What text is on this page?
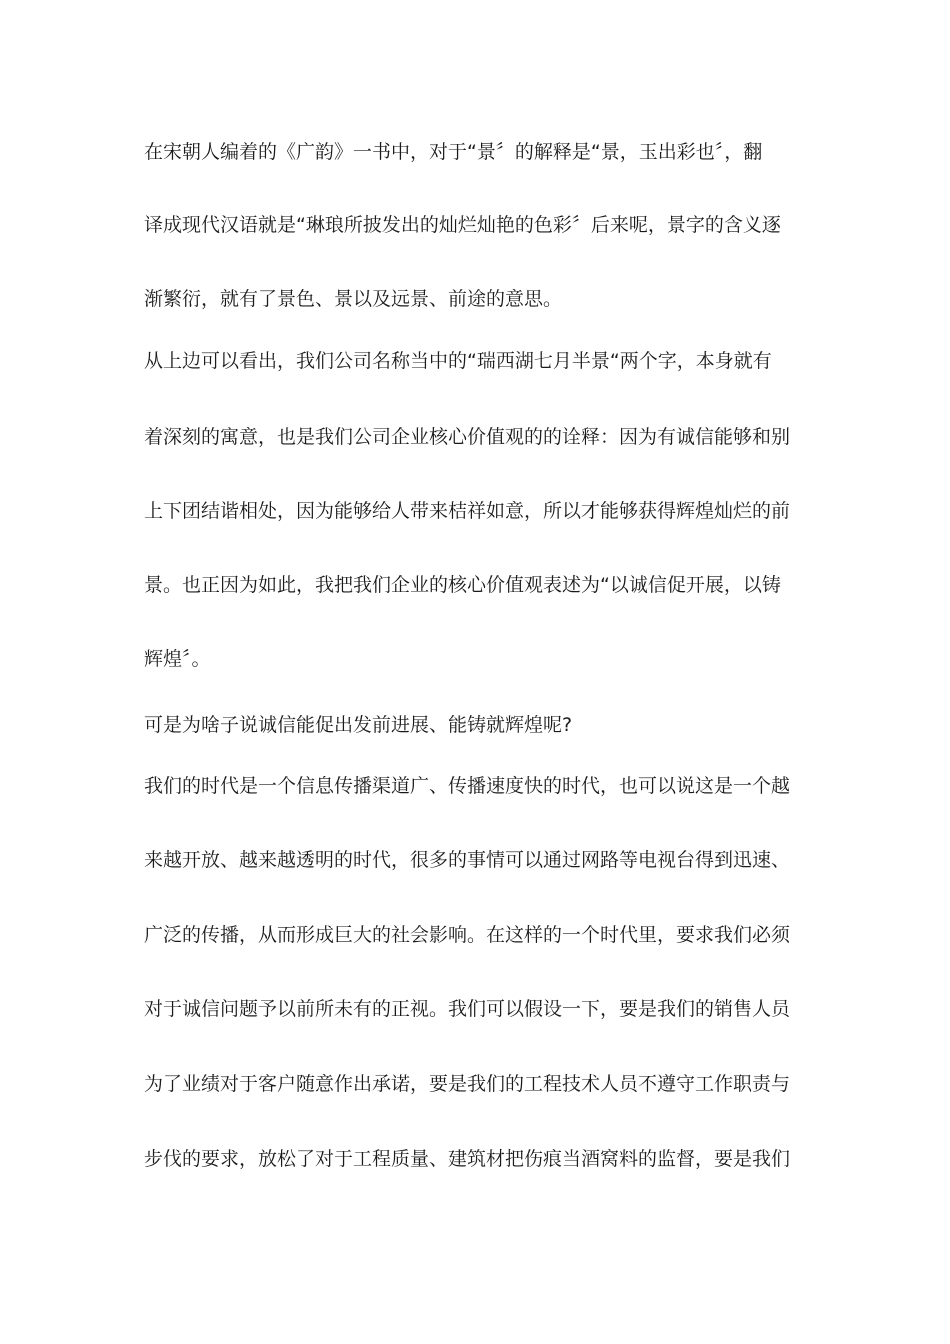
在宋朝人编着的《广韵》一书中，对于“景〞的解释是“景，玉出彩也〞，翻
译成现代汉语就是“琳琅所披发出的灿烂灿艳的色彩〞后来呢，景字的含义逐
渐繁衍，就有了景色、景以及远景、前途的意思。
从上边可以看出，我们公司名称当中的“瑞西湖七月半景“两个字，本身就有
着深刻的寓意，也是我们公司企业核心价值观的的诠释：因为有诚信能够和别
上下团结谐相处，因为能够给人带来桔祥如意，所以才能够获得辉煌灿烂的前
景。也正因为如此，我把我们企业的核心价值观表述为“以诚信促开展，以铸
辉煌〞。
可是为啥子说诚信能促出发前进展、能铸就辉煌呢?
我们的时代是一个信息传播渠道广、传播速度快的时代，也可以说这是一个越
来越开放、越来越透明的时代，很多的事情可以通过网路等电视台得到迅速、
广泛的传播，从而形成巨大的社会影响。在这样的一个时代里，要求我们必须
对于诚信问题予以前所未有的正视。我们可以假设一下，要是我们的销售人员
为了业绩对于客户随意作出承诺，要是我们的工程技术人员不遵守工作职责与
步伐的要求，放松了对于工程质量、建筑材把伤痕当酒窝料的监督，要是我们
